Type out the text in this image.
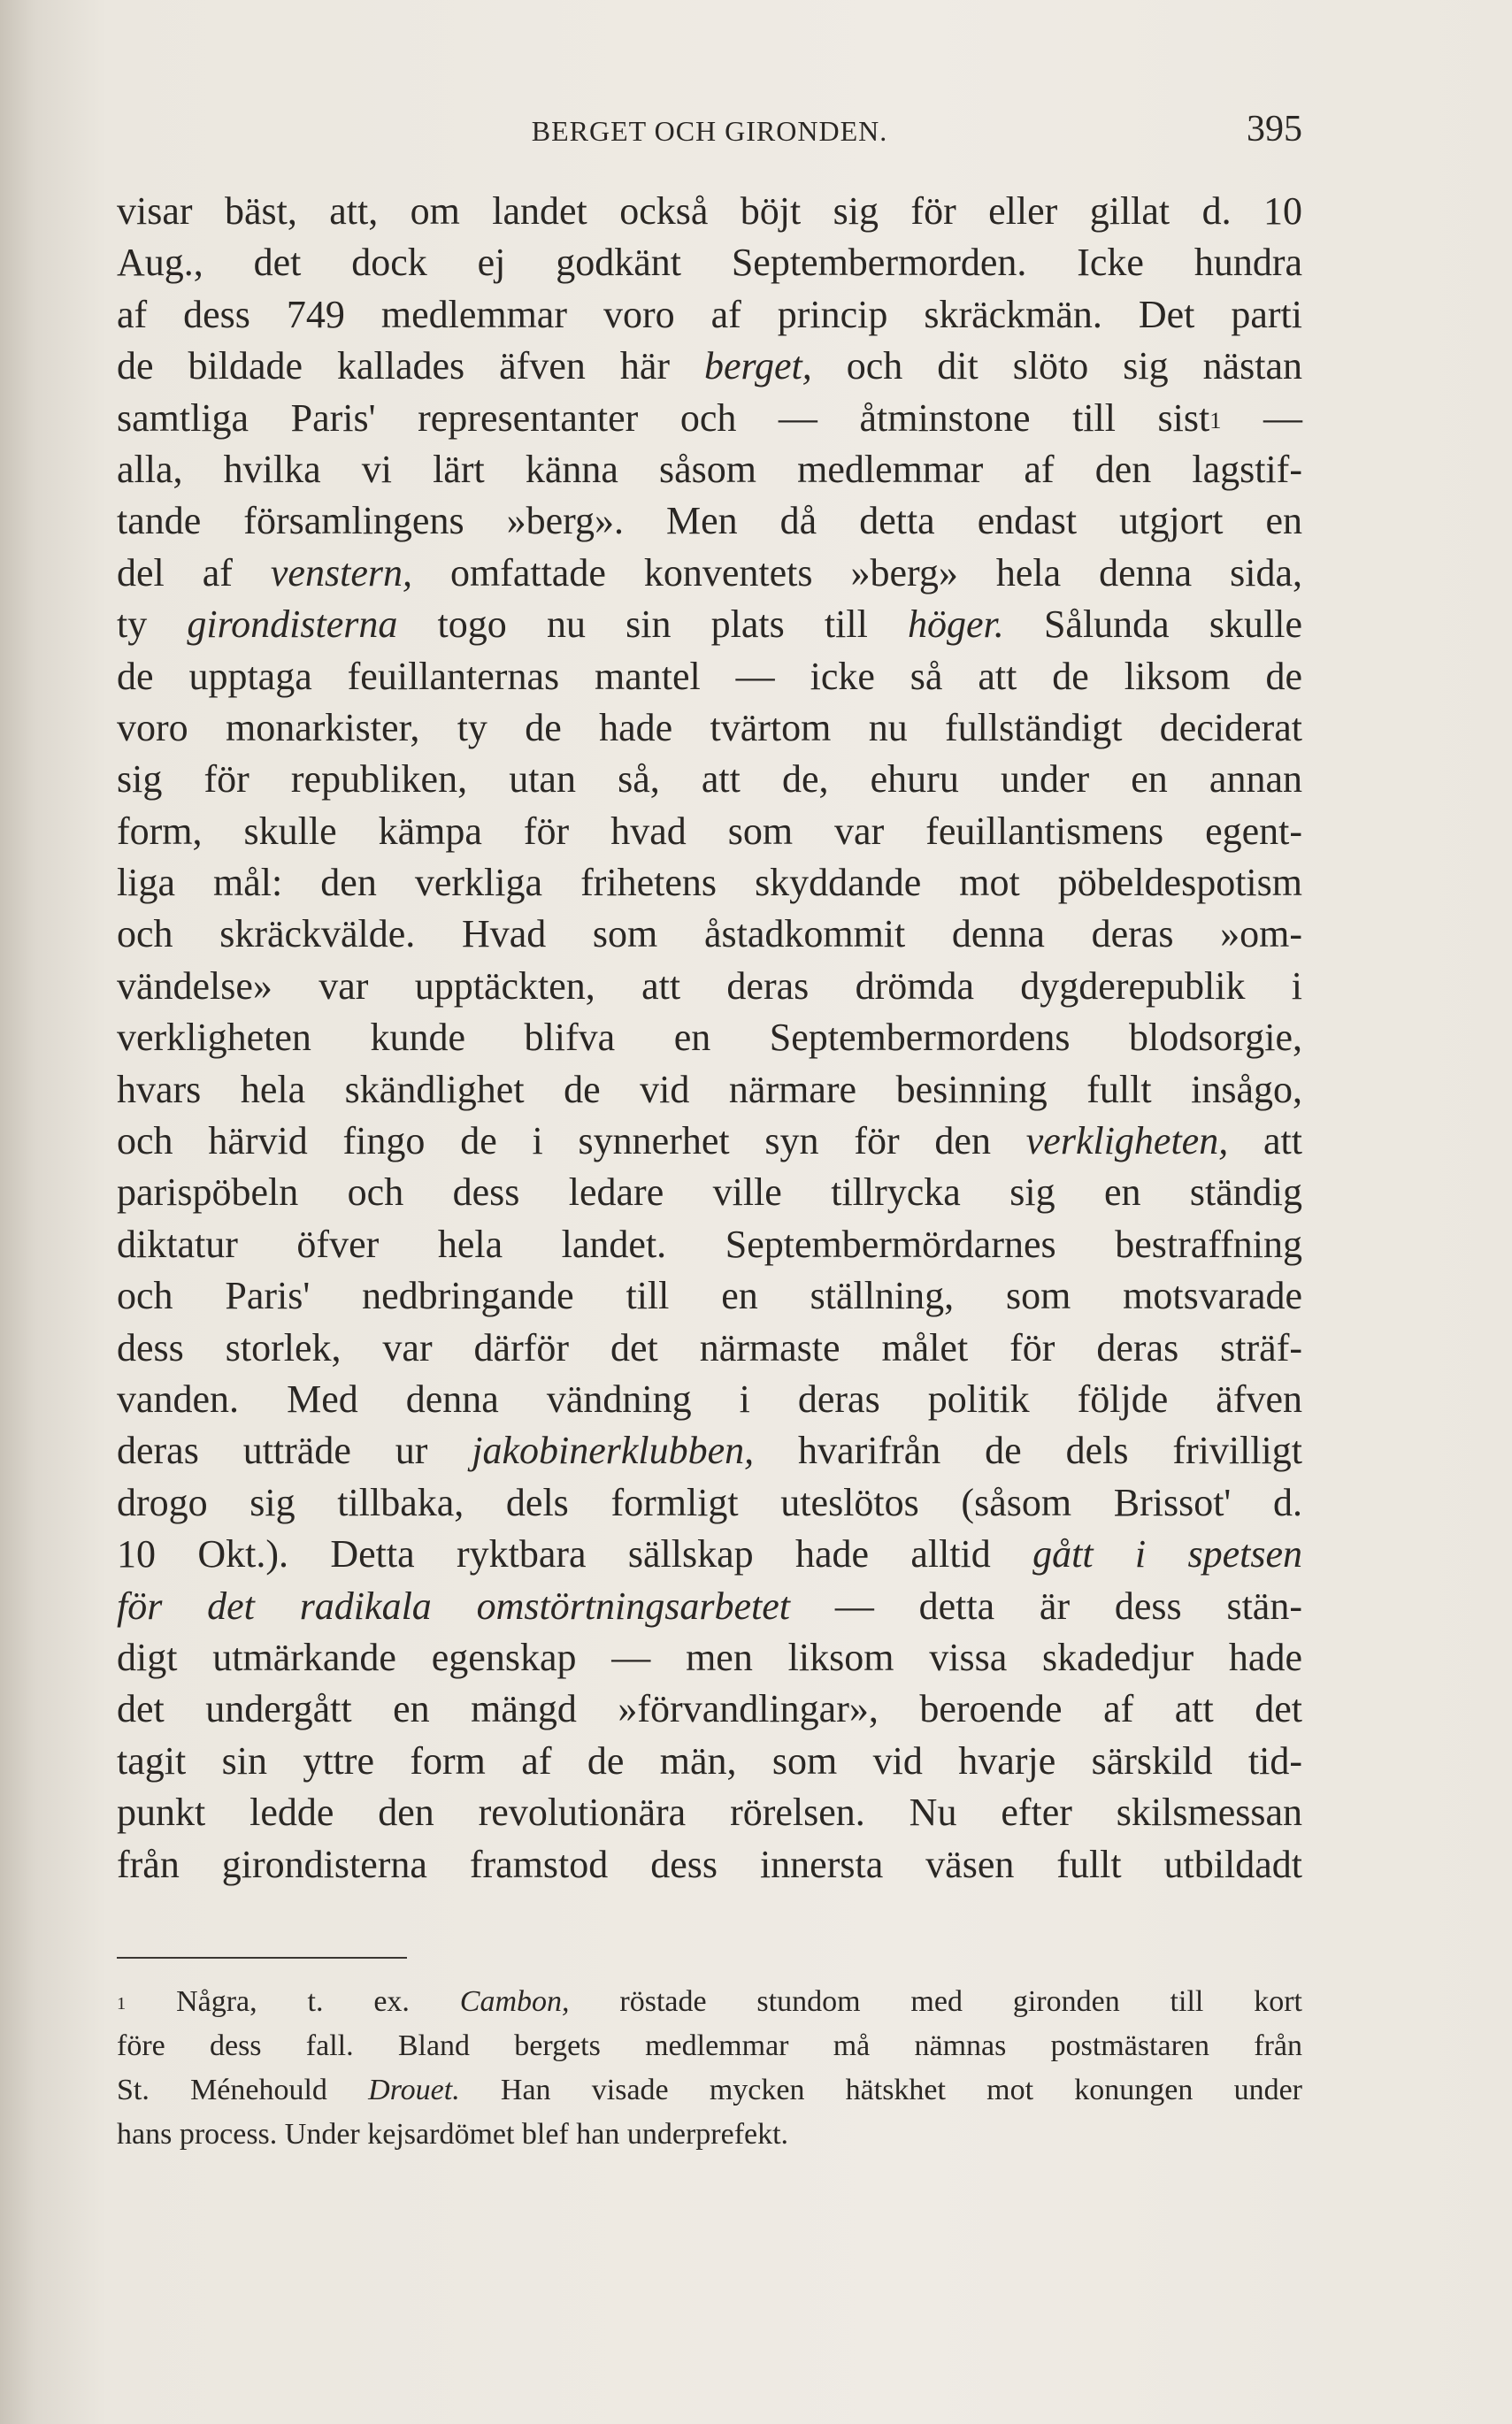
BERGET OCH GIRONDEN.	395
visar bäst, att, om landet också böjt sig för eller gillat d. 10
Aug., det dock ej godkänt Septembermorden. Icke hundra
af dess 749 medlemmar voro af princip skräckmän. Det parti
de bildade kallades äfven här berget, och dit slöto sig nästan
samtliga Paris' representanter och — åtminstone till sist$^1$ —
alla, hvilka vi lärt känna såsom medlemmar af den lagstif-
tande församlingens »berg». Men då detta endast utgjort en
del af venstern, omfattade konventets »berg» hela denna sida,
ty girondisterna togo nu sin plats till höger. Sålunda skulle
de upptaga feuillanternas mantel — icke så att de liksom de
voro monarkister, ty de hade tvärtom nu fullständigt deciderat
sig för republiken, utan så, att de, ehuru under en annan
form, skulle kämpa för hvad som var feuillantismens egent-
liga mål: den verkliga frihetens skyddande mot pöbeldespotism
och skräckvälde. Hvad som åstadkommit denna deras »om-
vändelse» var upptäckten, att deras drömda dygderepublik i
verkligheten kunde blifva en Septembermordens blodsorgie,
hvars hela skändlighet de vid närmare besinning fullt insågo,
och härvid fingo de i synnerhet syn för den verkligheten, att
parispöbeln och dess ledare ville tillrycka sig en ständig
diktatur öfver hela landet. Septembermördarnes bestraffning
och Paris' nedbringande till en ställning, som motsvarade
dess storlek, var därför det närmaste målet för deras sträf-
vanden. Med denna vändning i deras politik följde äfven
deras utträde ur jakobinerklubben, hvarifrån de dels frivilligt
drogo sig tillbaka, dels formligt uteslötos (såsom Brissot' d.
10 Okt.). Detta ryktbara sällskap hade alltid gått i spetsen
för det radikala omstörtningsarbetet — detta är dess stän-
digt utmärkande egenskap — men liksom vissa skadedjur hade
det undergått en mängd »förvandlingar», beroende af att det
tagit sin yttre form af de män, som vid hvarje särskild tid-
punkt ledde den revolutionära rörelsen. Nu efter skilsmessan
från girondisterna framstod dess innersta väsen fullt utbildadt
$^1$ Några, t. ex. Cambon, röstade stundom med gironden till kort
före dess fall. Bland bergets medlemmar må nämnas postmästaren från
St. Ménehould Drouet. Han visade mycken hätskhet mot konungen under
hans process. Under kejsardömet blef han underprefekt.
